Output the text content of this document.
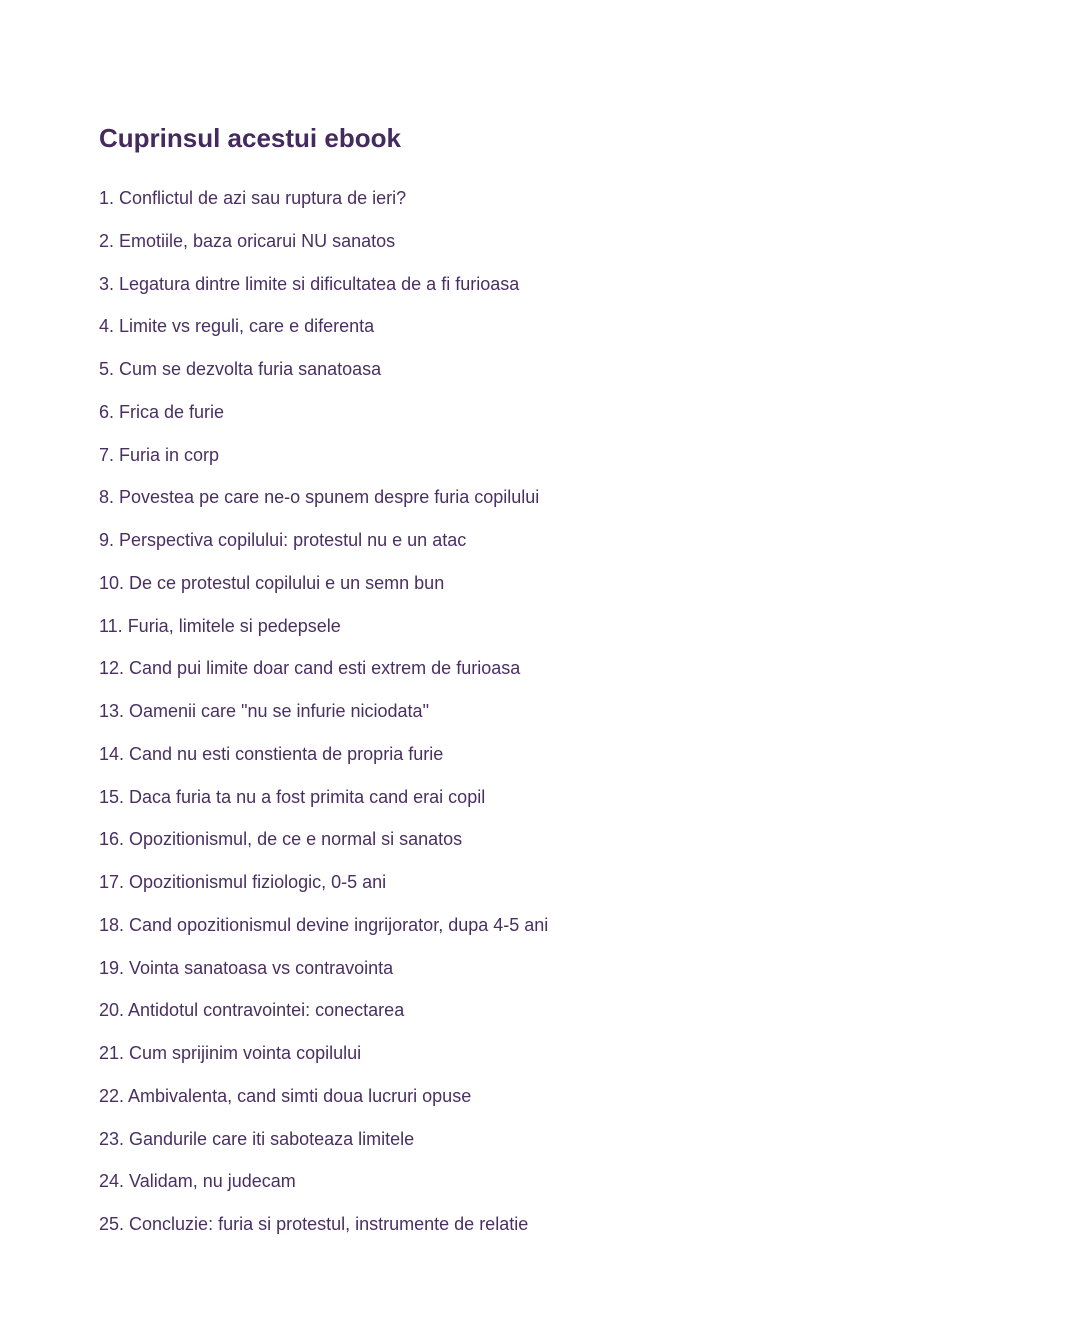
Cuprinsul acestui ebook
1. Conflictul de azi sau ruptura de ieri?
2. Emotiile, baza oricarui NU sanatos
3. Legatura dintre limite si dificultatea de a fi furioasa
4. Limite vs reguli, care e diferenta
5. Cum se dezvolta furia sanatoasa
6. Frica de furie
7. Furia in corp
8. Povestea pe care ne-o spunem despre furia copilului
9. Perspectiva copilului: protestul nu e un atac
10. De ce protestul copilului e un semn bun
11. Furia, limitele si pedepsele
12. Cand pui limite doar cand esti extrem de furioasa
13. Oamenii care "nu se infurie niciodata"
14. Cand nu esti constienta de propria furie
15. Daca furia ta nu a fost primita cand erai copil
16. Opozitionismul, de ce e normal si sanatos
17. Opozitionismul fiziologic, 0-5 ani
18. Cand opozitionismul devine ingrijorator, dupa 4-5 ani
19. Vointa sanatoasa vs contravointa
20. Antidotul contravointei: conectarea
21. Cum sprijinim vointa copilului
22. Ambivalenta, cand simti doua lucruri opuse
23. Gandurile care iti saboteaza limitele
24. Validam, nu judecam
25. Concluzie: furia si protestul, instrumente de relatie
